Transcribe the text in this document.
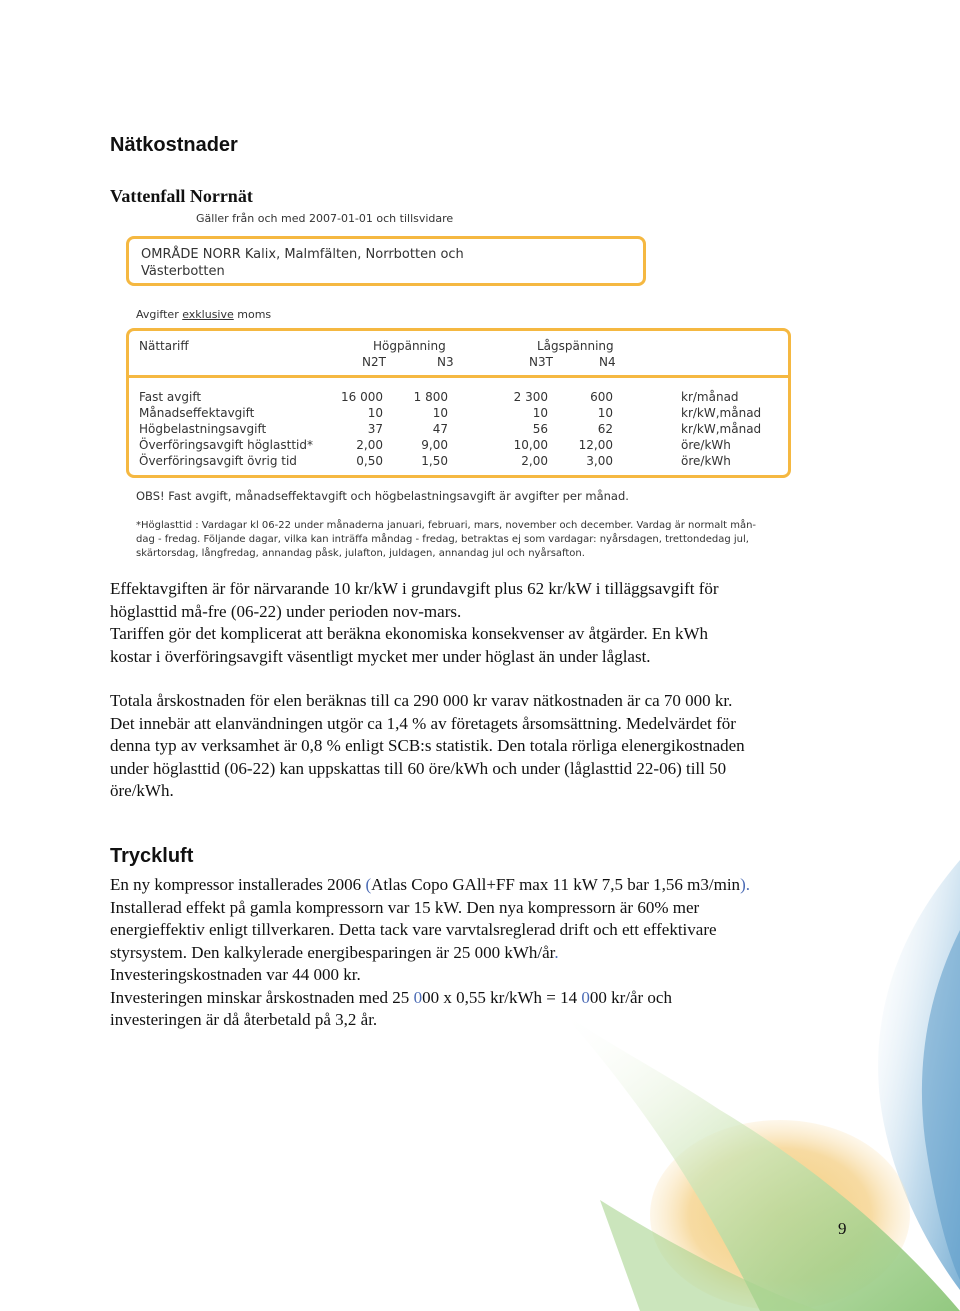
Nätkostnader
Vattenfall Norrnät
Gäller från och med 2007-01-01 och tillsvidare
OMRÅDE NORR Kalix, Malmfälten, Norrbotten och
Västerbotten
Avgifter exklusive moms
Nättariff	Högpänning	Lågspänning
N2T	N3	N3T	N4
Fast avgift	16 000	1 800	2 300	600	kr/månad
Månadseffektavgift	10	10	10	10	kr/kW,månad
Högbelastningsavgift	37	47	56	62	kr/kW,månad
Överföringsavgift höglasttid*	2,00	9,00	10,00	12,00	öre/kWh
Överföringsavgift övrig tid	0,50	1,50	2,00	3,00	öre/kWh
OBS! Fast avgift, månadseffektavgift och högbelastningsavgift är avgifter per månad.
*Höglasttid : Vardagar kl 06-22 under månaderna januari, februari, mars, november och december. Vardag är normalt mån-
dag - fredag. Följande dagar, vilka kan inträffa måndag - fredag, betraktas ej som vardagar: nyårsdagen, trettondedag jul,
skärtorsdag, långfredag, annandag påsk, julafton, juldagen, annandag jul och nyårsafton.
Effektavgiften är för närvarande 10 kr/kW i grundavgift plus 62 kr/kW i tilläggsavgift för
höglasttid må-fre (06-22) under perioden nov-mars.
Tariffen gör det komplicerat att beräkna ekonomiska konsekvenser av åtgärder. En kWh
kostar i överföringsavgift väsentligt mycket mer under höglast än under låglast.
Totala årskostnaden för elen beräknas till ca 290 000 kr varav nätkostnaden är ca 70 000 kr.
Det innebär att elanvändningen utgör ca 1,4 % av företagets årsomsättning. Medelvärdet för
denna typ av verksamhet är 0,8 % enligt SCB:s statistik. Den totala rörliga elenergikostnaden
under höglasttid (06-22) kan uppskattas till 60 öre/kWh och under (låglasttid 22-06) till 50
öre/kWh.
Tryckluft
En ny kompressor installerades 2006 (Atlas Copo GAll+FF max 11 kW 7,5 bar 1,56 m3/min).
Installerad effekt på gamla kompressorn var 15 kW. Den nya kompressorn är 60% mer
energieffektiv enligt tillverkaren. Detta tack vare varvtalsreglerad drift och ett effektivare
styrsystem. Den kalkylerade energibesparingen är 25 000 kWh/år.
Investeringskostnaden var 44 000 kr.
Investeringen minskar årskostnaden med 25 000 x 0,55 kr/kWh = 14 000 kr/år och
investeringen är då återbetald på 3,2 år.
9
